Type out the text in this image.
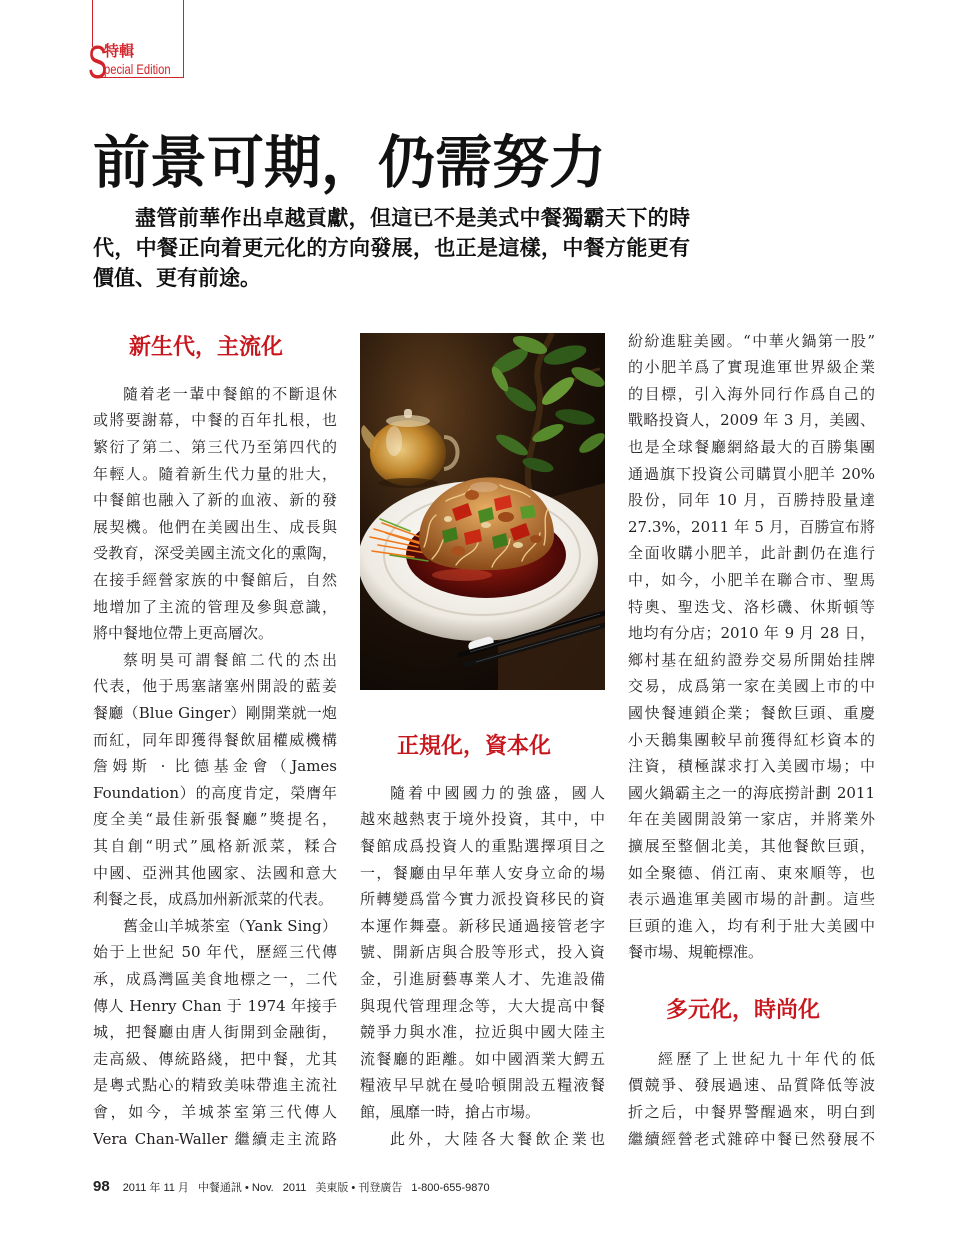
S
特輯
pecial Edition
前景可期，仍需努力
盡管前華作出卓越貢獻，但這已不是美式中餐獨霸天下的時
代，中餐正向着更元化的方向發展，也正是這樣，中餐方能更有
價值、更有前途。
新生代，主流化
隨着老一輩中餐館的不斷退休
或將要謝幕，中餐的百年扎根，也
繁衍了第二、第三代乃至第四代的
年輕人。隨着新生代力量的壯大，
中餐館也融入了新的血液、新的發
展契機。他們在美國出生、成長與
受教育，深受美國主流文化的熏陶，
在接手經營家族的中餐館后，自然
地增加了主流的管理及參與意識，
將中餐地位帶上更高層次。
蔡明昊可謂餐館二代的杰出
代表，他于馬塞諸塞州開設的藍姜
餐廳（Blue Ginger）剛開業就一炮
而紅，同年即獲得餐飲届權威機構
詹姆斯 · 比德基金會（James
Foundation）的高度肯定，榮膺年
度全美“最佳新張餐廳”獎提名，
其自創“明式”風格新派菜，糅合
中國、亞洲其他國家、法國和意大
利餐之長，成爲加州新派菜的代表。
舊金山羊城茶室（Yank Sing）
始于上世紀 50 年代，歷經三代傳
承，成爲灣區美食地標之一，二代
傳人 Henry Chan 于 1974 年接手
城，把餐廳由唐人街開到金融街，
走高級、傳統路綫，把中餐，尤其
是粵式點心的精致美味帶進主流社
會，如今，羊城茶室第三代傳人
Vera Chan-Waller 繼續走主流路
正規化，資本化
隨着中國國力的強盛，國人
越來越熱衷于境外投資，其中，中
餐館成爲投資人的重點選擇項目之
一，餐廳由早年華人安身立命的場
所轉變爲當今實力派投資移民的資
本運作舞臺。新移民通過接管老字
號、開新店與合股等形式，投入資
金，引進厨藝專業人才、先進設備
與現代管理理念等，大大提高中餐
競爭力與水准，拉近與中國大陸主
流餐廳的距離。如中國酒業大鰐五
糧液早早就在曼哈頓開設五糧液餐
館，風靡一時，搶占市場。
此外，大陸各大餐飲企業也
紛紛進駐美國。“中華火鍋第一股”
的小肥羊爲了實現進軍世界級企業
的目標，引入海外同行作爲自己的
戰略投資人，2009 年 3 月，美國、
也是全球餐廳網絡最大的百勝集團
通過旗下投資公司購買小肥羊 20%
股份，同年 10 月，百勝持股量達
27.3%，2011 年 5 月，百勝宣布將
全面收購小肥羊，此計劃仍在進行
中，如今，小肥羊在聯合市、聖馬
特奧、聖迭戈、洛杉磯、休斯頓等
地均有分店；2010 年 9 月 28 日，
鄉村基在紐約證券交易所開始挂牌
交易，成爲第一家在美國上市的中
國快餐連鎖企業；餐飲巨頭、重慶
小天鵝集團較早前獲得紅杉資本的
注資，積極謀求打入美國市場；中
國火鍋霸主之一的海底撈計劃 2011
年在美國開設第一家店，并將業外
擴展至整個北美，其他餐飲巨頭，
如全聚德、俏江南、東來順等，也
表示過進軍美國市場的計劃。這些
巨頭的進入，均有利于壯大美國中
餐市場、規範標准。
多元化，時尚化
經歷了上世紀九十年代的低
價競爭、發展過速、品質降低等波
折之后，中餐界警醒過來，明白到
繼續經營老式雜碎中餐已然發展不
98 2011 年 11 月 中餐通訊 • Nov. 2011 美東版 • 刊登廣告 1-800-655-9870
